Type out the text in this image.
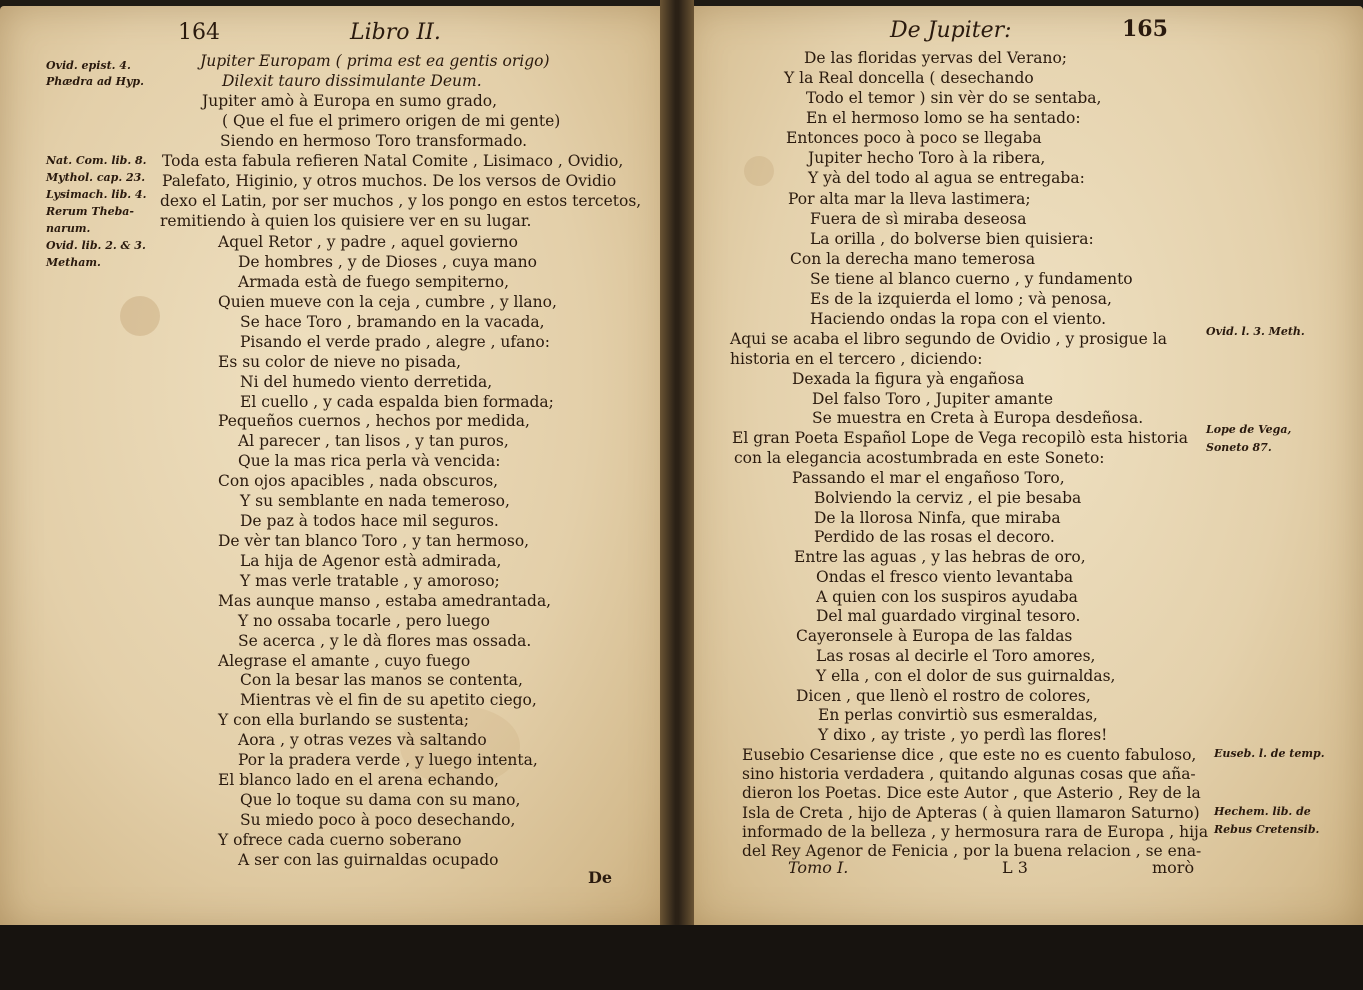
164	Libro II.
Ovid. epist. 4.
Phædra ad Hyp.
Nat. Com. lib. 8.
Mythol. cap. 23.
Lysimach. lib. 4.
Rerum Theba-
narum.
Ovid. lib. 2. & 3.
Metham.
Jupiter Europam ( prima est ea gentis origo)
Dilexit tauro dissimulante Deum.
Jupiter amò à Europa en sumo grado,
( Que el fue el primero origen de mi gente)
Siendo en hermoso Toro transformado.
Toda esta fabula refieren Natal Comite , Lisimaco , Ovidio,
Palefato, Higinio, y otros muchos. De los versos de Ovidio
dexo el Latin, por ser muchos , y los pongo en estos tercetos,
remitiendo à quien los quisiere ver en su lugar.
Aquel Retor , y padre , aquel govierno
De hombres , y de Dioses , cuya mano
Armada està de fuego sempiterno,
Quien mueve con la ceja , cumbre , y llano,
Se hace Toro , bramando en la vacada,
Pisando el verde prado , alegre , ufano:
Es su color de nieve no pisada,
Ni del humedo viento derretida,
El cuello , y cada espalda bien formada;
Pequeños cuernos , hechos por medida,
Al parecer , tan lisos , y tan puros,
Que la mas rica perla và vencida:
Con ojos apacibles , nada obscuros,
Y su semblante en nada temeroso,
De paz à todos hace mil seguros.
De vèr tan blanco Toro , y tan hermoso,
La hija de Agenor està admirada,
Y mas verle tratable , y amoroso;
Mas aunque manso , estaba amedrantada,
Y no ossaba tocarle , pero luego
Se acerca , y le dà flores mas ossada.
Alegrase el amante , cuyo fuego
Con la besar las manos se contenta,
Mientras vè el fin de su apetito ciego,
Y con ella burlando se sustenta;
Aora , y otras vezes và saltando
Por la pradera verde , y luego intenta,
El blanco lado en el arena echando,
Que lo toque su dama con su mano,
Su miedo poco à poco desechando,
Y ofrece cada cuerno soberano
A ser con las guirnaldas ocupado
De
De Jupiter:	165
Ovid. l. 3. Meth.
Lope de Vega,
Soneto 87.
Euseb. l. de temp.
Hechem. lib. de
Rebus Cretensib.
De las floridas yervas del Verano;
Y la Real doncella ( desechando
Todo el temor ) sin vèr do se sentaba,
En el hermoso lomo se ha sentado:
Entonces poco à poco se llegaba
Jupiter hecho Toro à la ribera,
Y yà del todo al agua se entregaba:
Por alta mar la lleva lastimera;
Fuera de sì miraba deseosa
La orilla , do bolverse bien quisiera:
Con la derecha mano temerosa
Se tiene al blanco cuerno , y fundamento
Es de la izquierda el lomo ; và penosa,
Haciendo ondas la ropa con el viento.
Aqui se acaba el libro segundo de Ovidio , y prosigue la
historia en el tercero , diciendo:
Dexada la figura yà engañosa
Del falso Toro , Jupiter amante
Se muestra en Creta à Europa desdeñosa.
El gran Poeta Español Lope de Vega recopilò esta historia
con la elegancia acostumbrada en este Soneto:
Passando el mar el engañoso Toro,
Bolviendo la cerviz , el pie besaba
De la llorosa Ninfa, que miraba
Perdido de las rosas el decoro.
Entre las aguas , y las hebras de oro,
Ondas el fresco viento levantaba
A quien con los suspiros ayudaba
Del mal guardado virginal tesoro.
Cayeronsele à Europa de las faldas
Las rosas al decirle el Toro amores,
Y ella , con el dolor de sus guirnaldas,
Dicen , que llenò el rostro de colores,
En perlas convirtiò sus esmeraldas,
Y dixo , ay triste , yo perdì las flores!
Eusebio Cesariense dice , que este no es cuento fabuloso,
sino historia verdadera , quitando algunas cosas que aña-
dieron los Poetas. Dice este Autor , que Asterio , Rey de la
Isla de Creta , hijo de Apteras ( à quien llamaron Saturno)
informado de la belleza , y hermosura rara de Europa , hija
del Rey Agenor de Fenicia , por la buena relacion , se ena-
Tomo I.	L 3	morò
